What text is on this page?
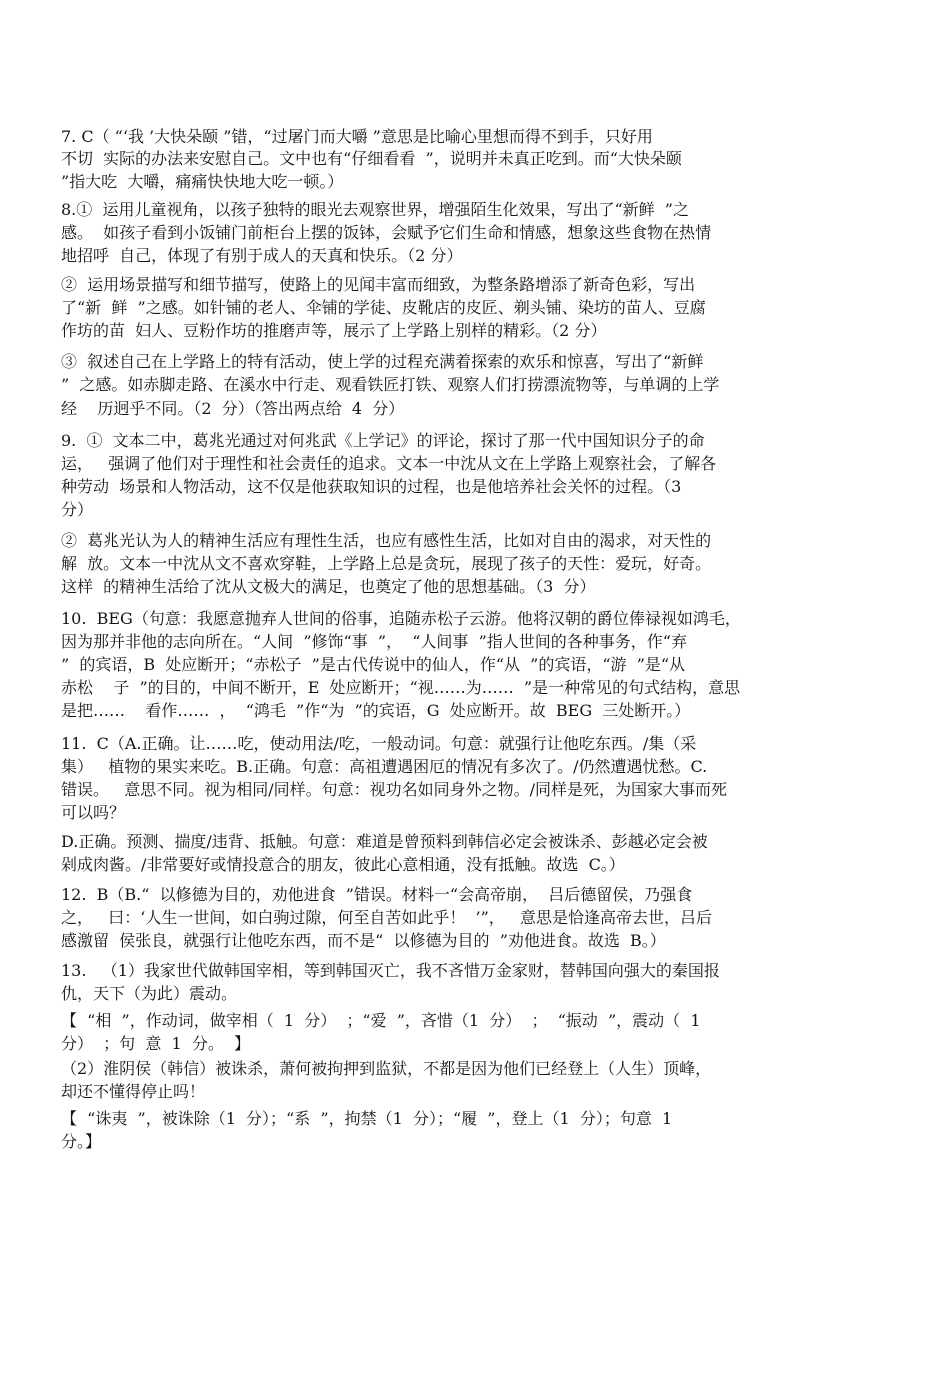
7. C（ “‘我 ’大快朵颐 ”错，“过屠门而大嚼 ”意思是比喻心里想而得不到手，只好用

不切  实际的办法来安慰自己。文中也有“仔细看看  ”，说明并未真正吃到。而“大快朵颐

”指大吃  大嚼，痛痛快快地大吃一顿。）

8.①  运用儿童视角，以孩子独特的眼光去观察世界，增强陌生化效果，写出了“新鲜  ”之

感。  如孩子看到小饭铺门前柜台上摆的饭钵，会赋予它们生命和情感，想象这些食物在热情

地招呼  自己，体现了有别于成人的天真和快乐。（2 分）

②  运用场景描写和细节描写，使路上的见闻丰富而细致，为整条路增添了新奇色彩，写出

了“新  鲜  ”之感。如针铺的老人、伞铺的学徒、皮靴店的皮匠、剃头铺、染坊的苗人、豆腐

作坊的苗  妇人、豆粉作坊的推磨声等，展示了上学路上别样的精彩。（2 分）

③  叙述自己在上学路上的特有活动，使上学的过程充满着探索的欢乐和惊喜，写出了“新鲜

”  之感。如赤脚走路、在溪水中行走、观看铁匠打铁、观察人们打捞漂流物等，与单调的上学

经    历迥乎不同。（2  分）（答出两点给  4  分）

9.  ①  文本二中，葛兆光通过对何兆武《上学记》的评论，探讨了那一代中国知识分子的命

运，   强调了他们对于理性和社会责任的追求。文本一中沈从文在上学路上观察社会，了解各

种劳动  场景和人物活动，这不仅是他获取知识的过程，也是他培养社会关怀的过程。（3

分）

②  葛兆光认为人的精神生活应有理性生活，也应有感性生活，比如对自由的渴求，对天性的

解  放。文本一中沈从文不喜欢穿鞋，上学路上总是贪玩，展现了孩子的天性：爱玩，好奇。

这样  的精神生活给了沈从文极大的满足，也奠定了他的思想基础。（3  分）

10.  BEG（句意：我愿意抛弃人世间的俗事，追随赤松子云游。他将汉朝的爵位俸禄视如鸿毛，

因为那并非他的志向所在。“人间  ”修饰“事  ”，  “人间事  ”指人世间的各种事务，作“弃

”  的宾语，B  处应断开；“赤松子  ”是古代传说中的仙人，作“从  ”的宾语，“游  ”是“从

赤松    子  ”的目的，中间不断开，E  处应断开；“视……为……  ”是一种常见的句式结构，意思

是把……    看作……  ，  “鸿毛  ”作“为  ”的宾语，G  处应断开。故  BEG  三处断开。）

11.  C（A.正确。让……吃，使动用法/吃，一般动词。句意：就强行让他吃东西。/集（采

集）   植物的果实来吃。B.正确。句意：高祖遭遇困厄的情况有多次了。/仍然遭遇忧愁。C.

错误。   意思不同。视为相同/同样。句意：视功名如同身外之物。/同样是死，为国家大事而死

可以吗？

D.正确。预测、揣度/违背、抵触。句意：难道是曾预料到韩信必定会被诛杀、彭越必定会被

剁成肉酱。/非常要好或情投意合的朋友，彼此心意相通，没有抵触。故选  C。）

12.  B（B.“  以修德为目的，劝他进食  ”错误。材料一“会高帝崩，  吕后德留侯，乃强食

之，   曰：‘人生一世间，如白驹过隙，何至自苦如此乎！  ’”，   意思是恰逢高帝去世，吕后

感激留  侯张良，就强行让他吃东西，而不是“  以修德为目的  ”劝他进食。故选  B。）

13.   （1）我家世代做韩国宰相，等到韩国灭亡，我不吝惜万金家财，替韩国向强大的秦国报

仇，天下（为此）震动。

【  “相  ”，作动词，做宰相（  1  分）  ；“爱  ”，吝惜（1  分）  ；  “振动  ”，震动（  1

分）  ；句  意  1  分。  】

（2）淮阴侯（韩信）被诛杀，萧何被拘押到监狱，不都是因为他们已经登上（人生）顶峰，

却还不懂得停止吗！

【  “诛夷  ”，被诛除（1  分）；“系  ”，拘禁（1  分）；“履  ”，登上（1  分）；句意  1

分。】
